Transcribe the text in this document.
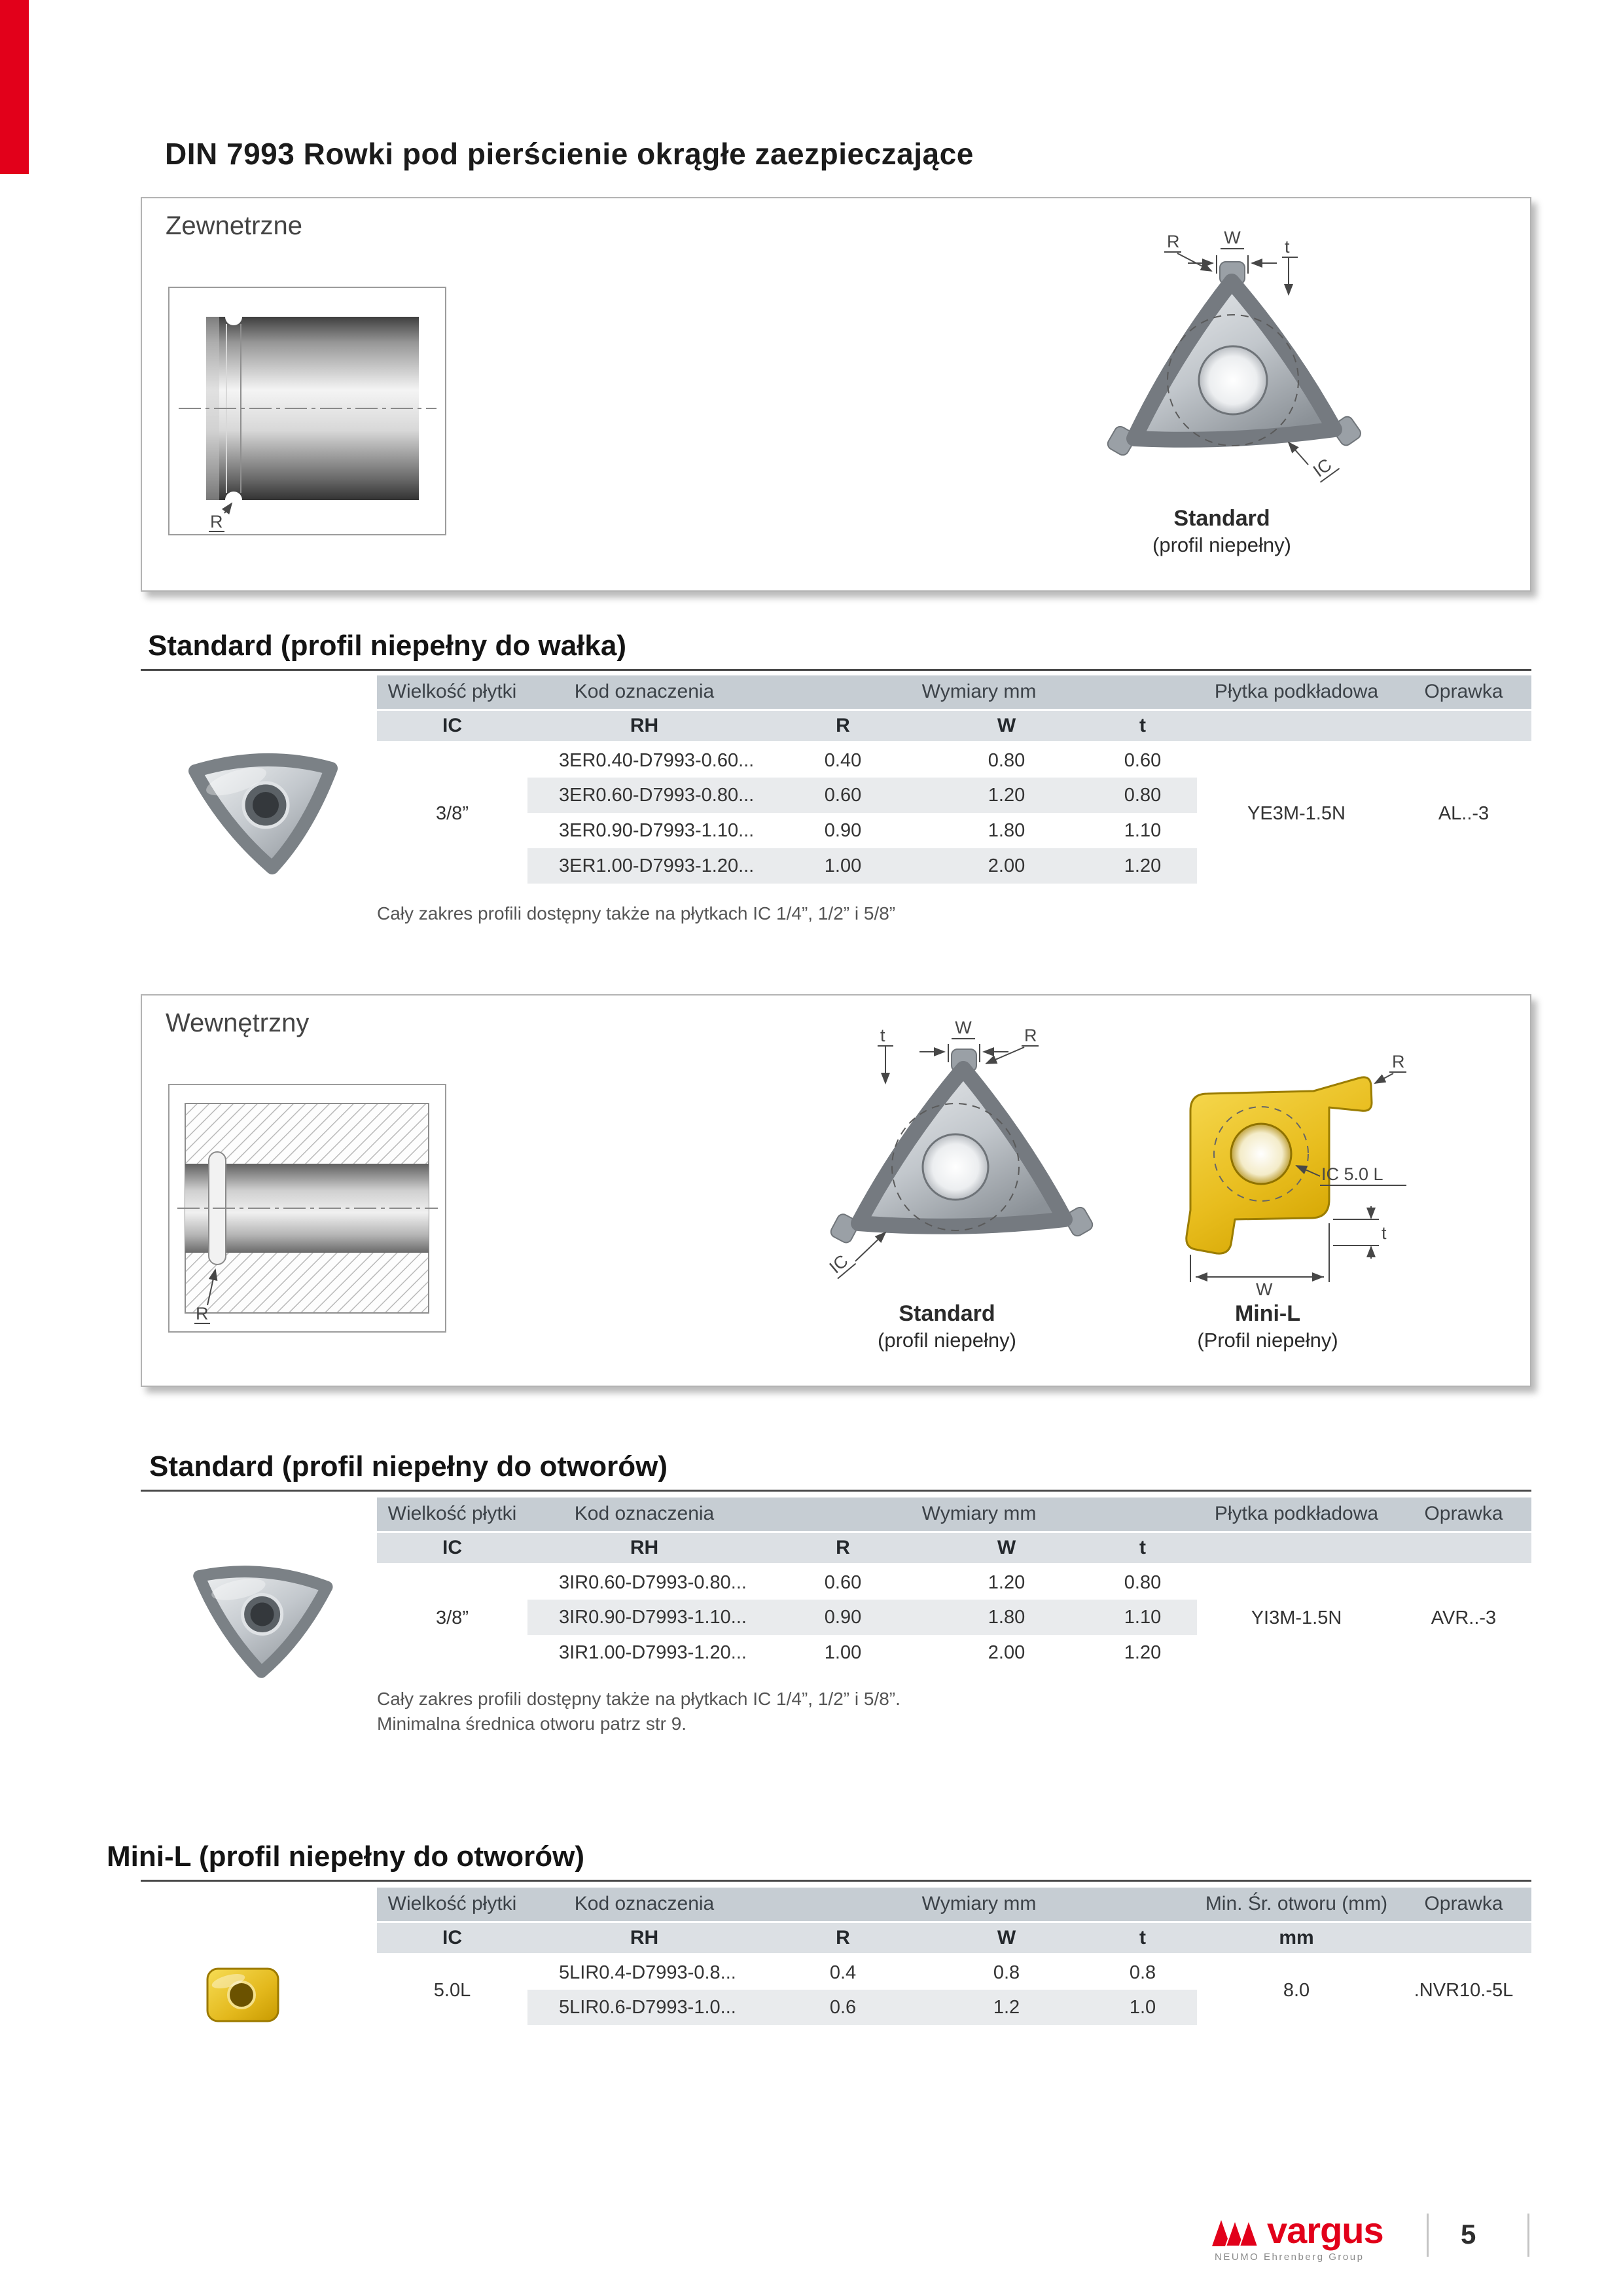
DIN 7993 Rowki pod pierścienie okrągłe zaezpieczające
Zewnetrzne
R
W
R	t
IC
Standard
(profil niepełny)
Standard (profil niepełny do wałka)
Wielkość płytki	Kod oznaczenia	Wymiary mm			Płytka podkładowa	Oprawka
IC	RH	R	W	t		
3/8”	3ER0.40-D7993-0.60...	0.40	0.80	0.60	YE3M-1.5N	AL..-3
	3ER0.60-D7993-0.80...	0.60	1.20	0.80		
	3ER0.90-D7993-1.10...	0.90	1.80	1.10		
	3ER1.00-D7993-1.20...	1.00	2.00	1.20		
Cały zakres profili dostępny także na płytkach IC 1/4”, 1/2” i 5/8”
Wewnętrzny
R
t	W	R
IC
Standard
(profil niepełny)
R
IC 5.0 L
t
W
Mini-L
(Profil niepełny)
Standard (profil niepełny do otworów)
Wielkość płytki	Kod oznaczenia	Wymiary mm			Płytka podkładowa	Oprawka
IC	RH	R	W	t		
3/8”	3IR0.60-D7993-0.80...	0.60	1.20	0.80	YI3M-1.5N	AVR..-3
	3IR0.90-D7993-1.10...	0.90	1.80	1.10		
	3IR1.00-D7993-1.20...	1.00	2.00	1.20		
Cały zakres profili dostępny także na płytkach IC 1/4”, 1/2” i 5/8”.
Minimalna średnica otworu patrz str 9.
Mini-L (profil niepełny do otworów)
Wielkość płytki	Kod oznaczenia	Wymiary mm			Min. Śr. otworu (mm)	Oprawka
IC	RH	R	W	t	mm	
5.0L	5LIR0.4-D7993-0.8...	0.4	0.8	0.8	8.0	.NVR10.-5L
	5LIR0.6-D7993-1.0...	0.6	1.2	1.0		
vargus
NEUMO Ehrenberg Group
5
